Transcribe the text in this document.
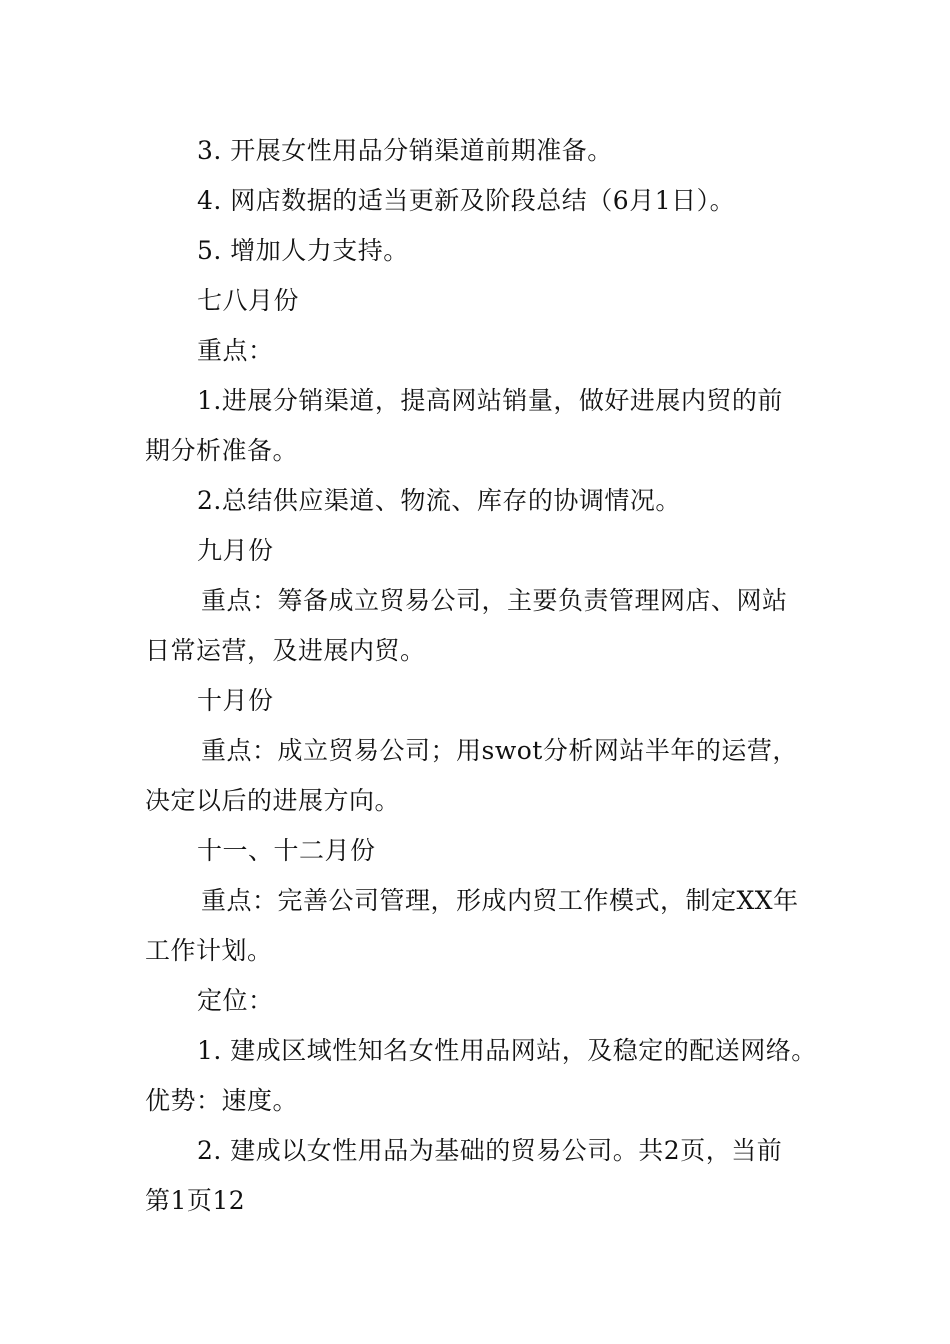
3. 开展女性用品分销渠道前期准备。
4. 网店数据的适当更新及阶段总结（6月1日）。
5. 增加人力支持。
七八月份
重点：
1.进展分销渠道，提高网站销量，做好进展内贸的前
期分析准备。
2.总结供应渠道、物流、库存的协调情况。
九月份
重点：筹备成立贸易公司，主要负责管理网店、网站
日常运营，及进展内贸。
十月份
重点：成立贸易公司；用swot分析网站半年的运营，
决定以后的进展方向。
十一、十二月份
重点：完善公司管理，形成内贸工作模式，制定XX年
工作计划。
定位：
1. 建成区域性知名女性用品网站，及稳定的配送网络。
优势：速度。
2. 建成以女性用品为基础的贸易公司。共2页，当前
第1页12
